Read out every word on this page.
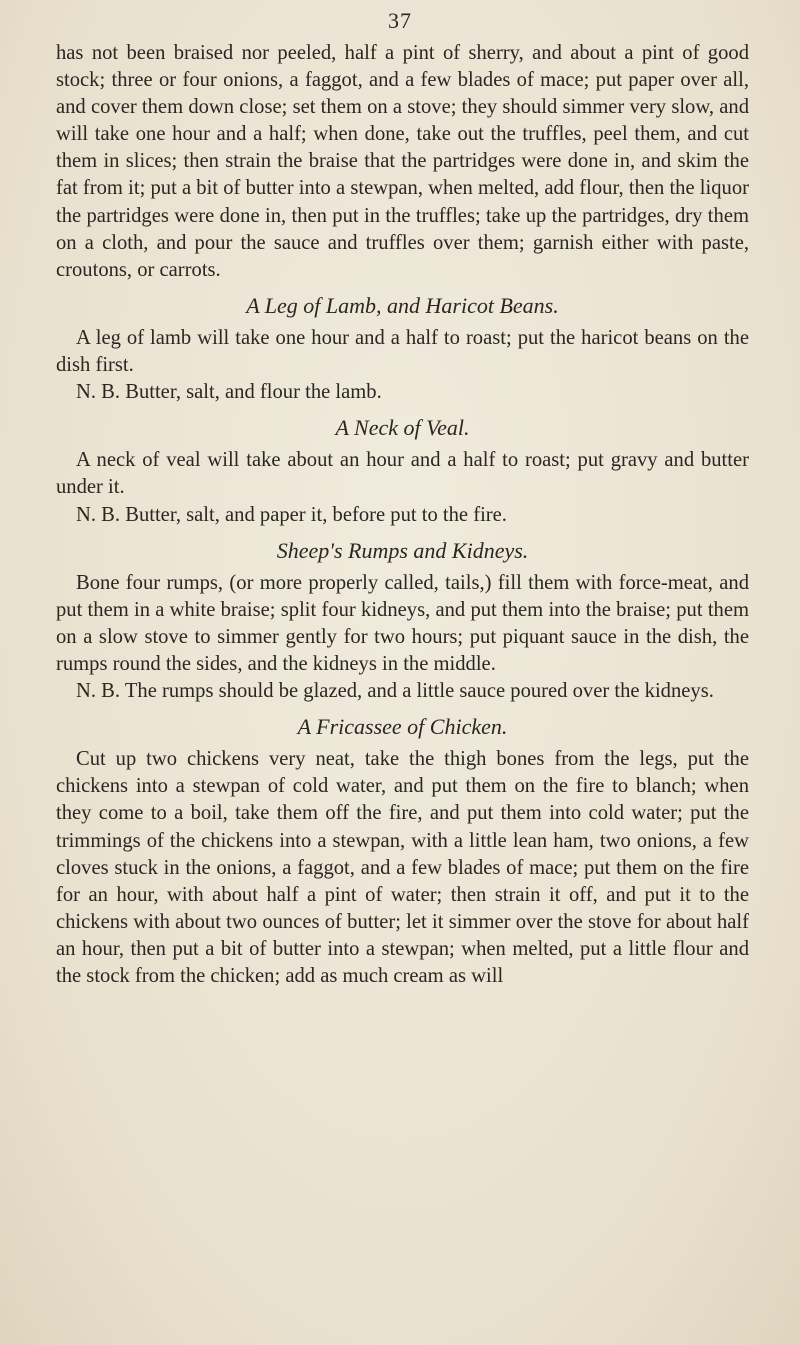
37

has not been braised nor peeled, half a pint of sherry, and about a pint of good stock; three or four onions, a faggot, and a few blades of mace; put paper over all, and cover them down close; set them on a stove; they should simmer very slow, and will take one hour and a half; when done, take out the truffles, peel them, and cut them in slices; then strain the braise that the partridges were done in, and skim the fat from it; put a bit of butter into a stewpan, when melted, add flour, then the liquor the partridges were done in, then put in the truffles; take up the partridges, dry them on a cloth, and pour the sauce and truffles over them; garnish either with paste, croutons, or carrots.

A Leg of Lamb, and Haricot Beans.

A leg of lamb will take one hour and a half to roast; put the haricot beans on the dish first.

N. B. Butter, salt, and flour the lamb.

A Neck of Veal.

A neck of veal will take about an hour and a half to roast; put gravy and butter under it.

N. B. Butter, salt, and paper it, before put to the fire.

Sheep's Rumps and Kidneys.

Bone four rumps, (or more properly called, tails,) fill them with force-meat, and put them in a white braise; split four kidneys, and put them into the braise; put them on a slow stove to simmer gently for two hours; put piquant sauce in the dish, the rumps round the sides, and the kidneys in the middle.

N. B. The rumps should be glazed, and a little sauce poured over the kidneys.

A Fricassee of Chicken.

Cut up two chickens very neat, take the thigh bones from the legs, put the chickens into a stewpan of cold water, and put them on the fire to blanch; when they come to a boil, take them off the fire, and put them into cold water; put the trimmings of the chickens into a stewpan, with a little lean ham, two onions, a few cloves stuck in the onions, a faggot, and a few blades of mace; put them on the fire for an hour, with about half a pint of water; then strain it off, and put it to the chickens with about two ounces of butter; let it simmer over the stove for about half an hour, then put a bit of butter into a stewpan; when melted, put a little flour and the stock from the chicken; add as much cream as will
